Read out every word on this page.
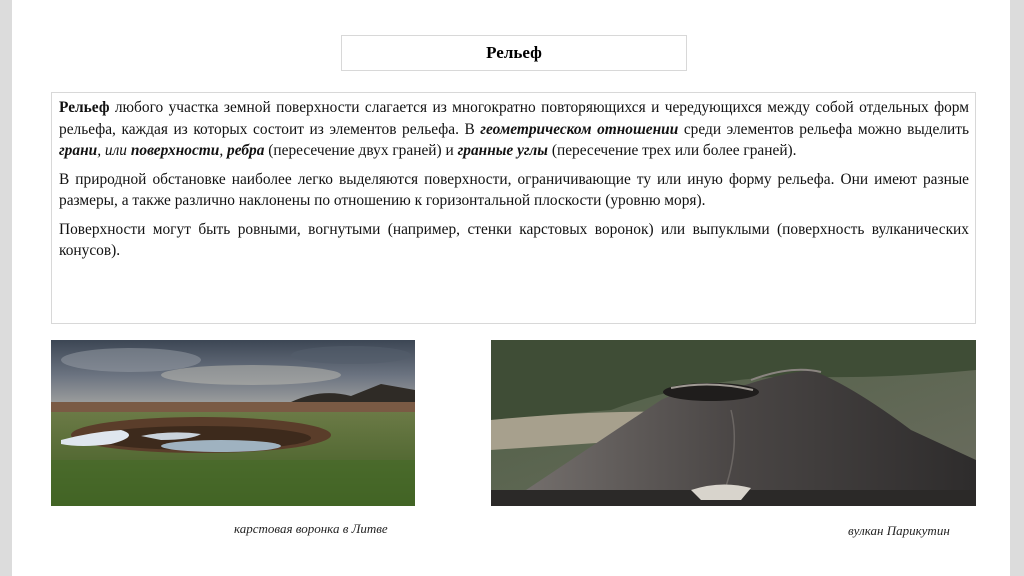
Рельеф

Рельеф любого участка земной поверхности слагается из многократно повторяющихся и чередующихся между собой отдельных форм рельефа, каждая из которых состоит из элементов рельефа. В геометрическом отношении среди элементов рельефа можно выделить грани, или поверхности, ребра (пересечение двух граней) и гранные углы (пересечение трех или более граней).

В природной обстановке наиболее легко выделяются поверхности, ограничивающие ту или иную форму рельефа. Они имеют разные размеры, а также различно наклонены по отношению к горизонтальной плоскости (уровню моря).

Поверхности могут быть ровными, вогнутыми (например, стенки карстовых воронок) или выпуклыми (поверхность вулканических конусов).

карстовая воронка в Литве	вулкан Парикутин
